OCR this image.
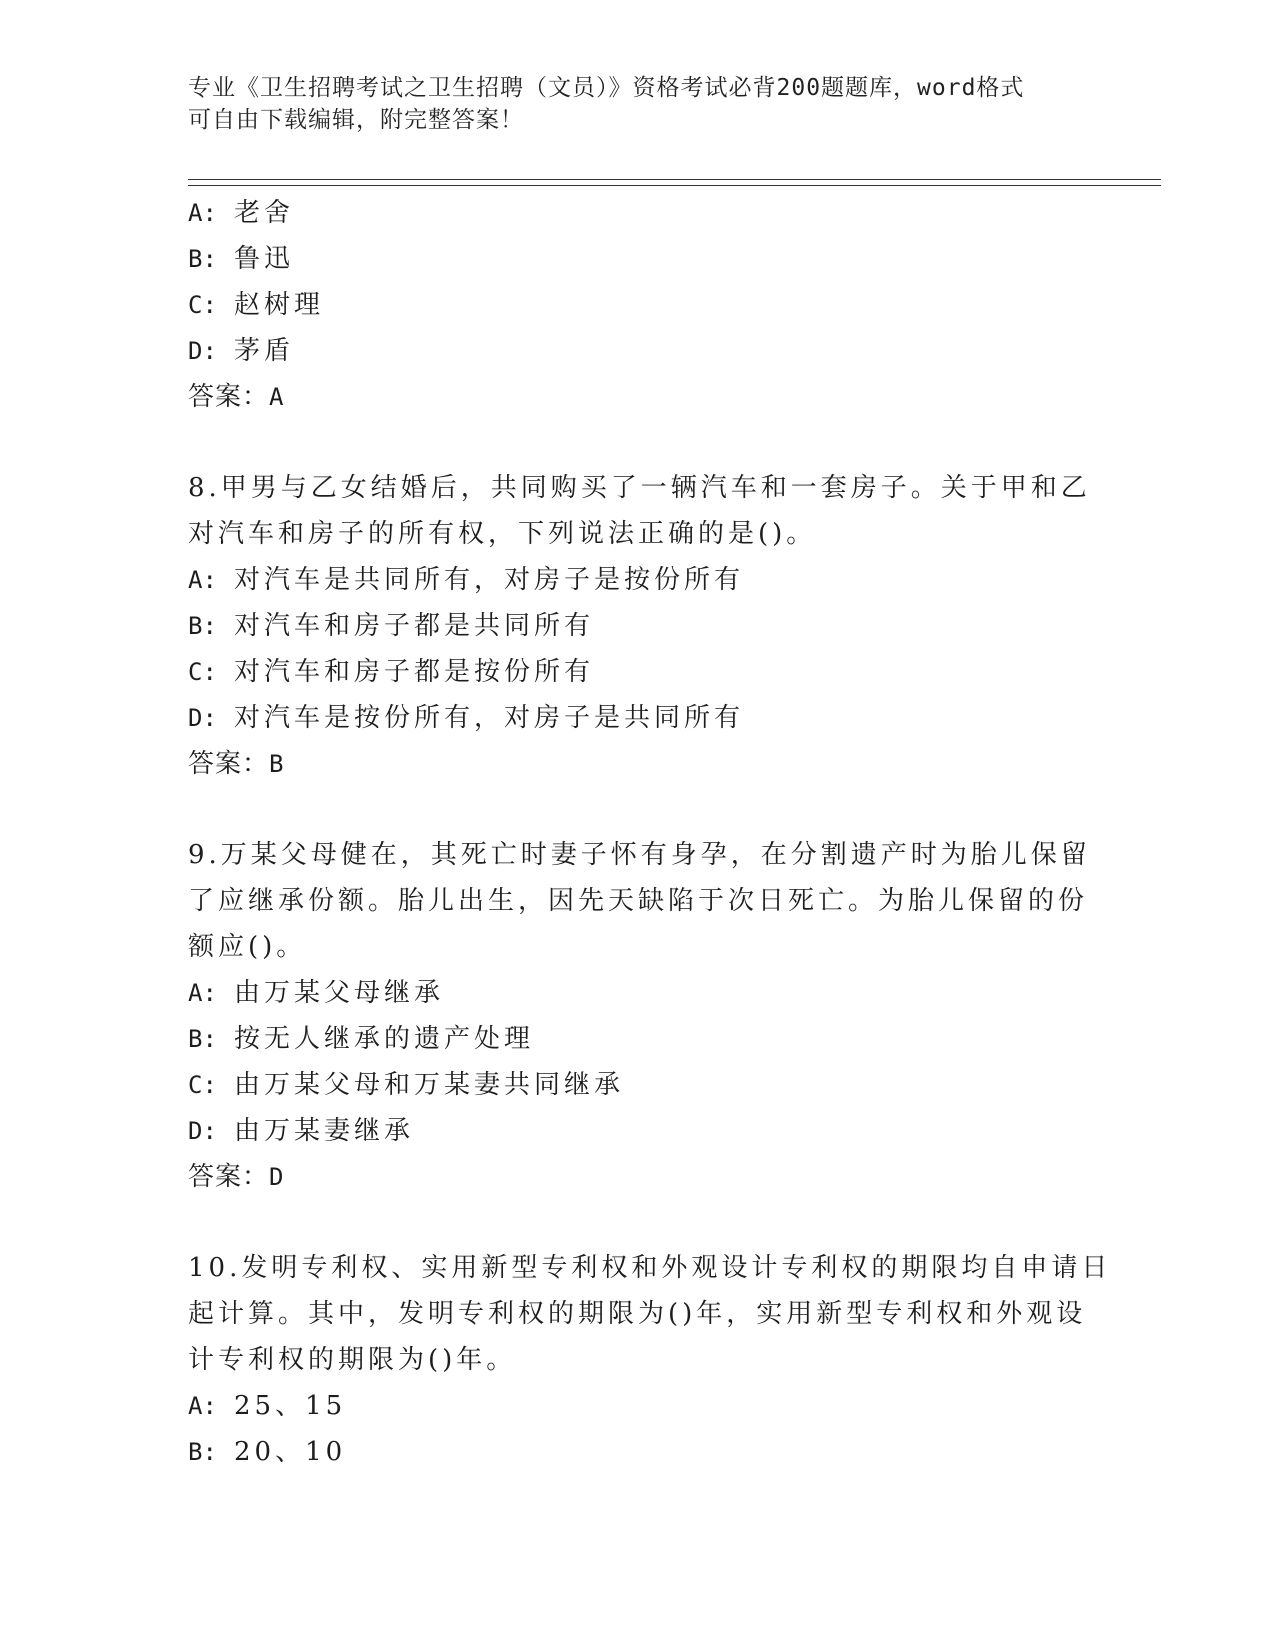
专业《卫生招聘考试之卫生招聘（文员）》资格考试必背200题题库，word格式
可自由下载编辑，附完整答案！
A: 老舍
B: 鲁迅
C: 赵树理
D: 茅盾
答案：A
8.甲男与乙女结婚后，共同购买了一辆汽车和一套房子。关于甲和乙
对汽车和房子的所有权，下列说法正确的是()。
A: 对汽车是共同所有，对房子是按份所有
B: 对汽车和房子都是共同所有
C: 对汽车和房子都是按份所有
D: 对汽车是按份所有，对房子是共同所有
答案：B
9.万某父母健在，其死亡时妻子怀有身孕，在分割遗产时为胎儿保留
了应继承份额。胎儿出生，因先天缺陷于次日死亡。为胎儿保留的份
额应()。
A: 由万某父母继承
B: 按无人继承的遗产处理
C: 由万某父母和万某妻共同继承
D: 由万某妻继承
答案：D
10.发明专利权、实用新型专利权和外观设计专利权的期限均自申请日
起计算。其中，发明专利权的期限为()年，实用新型专利权和外观设
计专利权的期限为()年。
A: 25、15
B: 20、10
